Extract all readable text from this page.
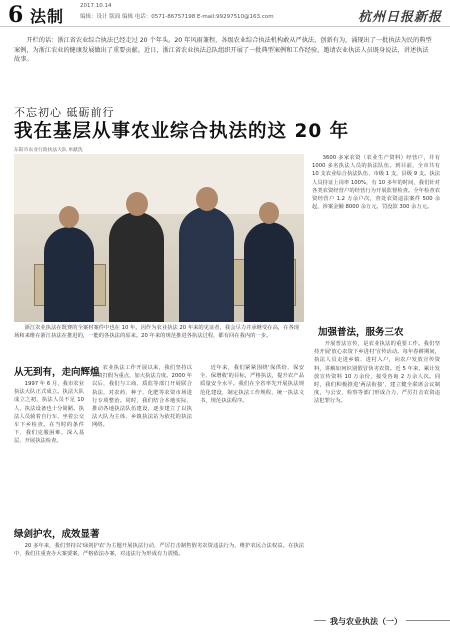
6 法制
2017.10.14
编辑：设计 版面 编辑 电话：0571-86757198 E-mail:99297510@163.com	杭州日报新报
开栏的话：浙江省农业综合执法已经走过 20 个年头。20 年风雨兼程，各级农业综合执法机构敢从严执法，创新有为，涌现出了一批执法为民的典型案例，为浙江农业的健康发展做出了重要贡献。近日，浙江省农业执法总队组织开展了一批典型案例和工作经验，邀请农业执法人员既身说法，讲述执法故事。
不忘初心 砥砺前行
我在基层从事农业综合执法的这 20 年
东阳市农业行政执法大队 单献洗
浙江农业执法在既赛的全案材案件中也在 10 年。因作为农业执法 20 年来的见证者，我会尽力并承继受在高，在各现场和来维在浙江执法在推进的，一能的各执法的原来。20 年来的规范推进各执法过程，都有回在我内的一步。
3600 多家农资（农业生产资料）经营户，并有 1000 多名执法人员的执法队伍。到目前，全市共有 10 支农业综合执法队伍、市级 1 支，县级 9 支。执法人员持证上岗率 100%，有 10 多年的时间，我们针对各类农资经营户的经营行为开展监督检查。全年检查农资经营户 1.2 万余户次，查处农资违法案件 500 余起，涉案金额 8000 余万元，罚没款 300 余万元。
加强普法，服务三农
开展普法宣传，是农业执法的重要工作。我们坚持开展'放心农资下乡进村'宣传活动。每年春耕期间，执法人员走进乡镇、进村入户，向农户发放宣传资料，讲解如何识别假冒伪劣农资。近 5 年来，累计发放宣传资料 10 万余份，接受咨询 2 万余人次。同时，我们积极推进'两法衔接'，建立健全联席会议制度，与公安、检察等部门形成合力，严厉打击农资违法犯罪行为。
从无到有，走向辉煌
1997 年 6 月，我市农业执法大队正式成立。执法大队成立之初，执法人员不足 10 人，执法设备也十分简陋。执法人员骑着自行车、坐着公交车下乡检查。在当时的条件下，我们克服困难，深入基层，开展执法检查。
农业执法工作开展以来，我们坚持以农资打假为重点，加大执法力度。2000 年以后，我们与工商、质监等部门开展联合执法，对农药、种子、化肥等农资市场进行专项整治。同时，我们结合本地实际，推动各地执法队伍建设，逐步建立了以执法大队为主体、乡镇执法站为依托的执法网络。
近年来，我们紧紧围绕'保供给、保安全、保增收'的目标，严格执法，提升农产品质量安全水平。我们在全省率先开展执法规范化建设，制定执法工作规程，统一执法文书，规范执法程序。
绿剑护农，成效显著
20 多年来，我们坚持以'绿剑护农'为主题开展执法行动，严厉打击制售假劣农资违法行为，维护农民合法权益。在执法中，我们注重查办大案要案，严格依法办案，对违法行为形成有力震慑。
我与农业执法（一）
